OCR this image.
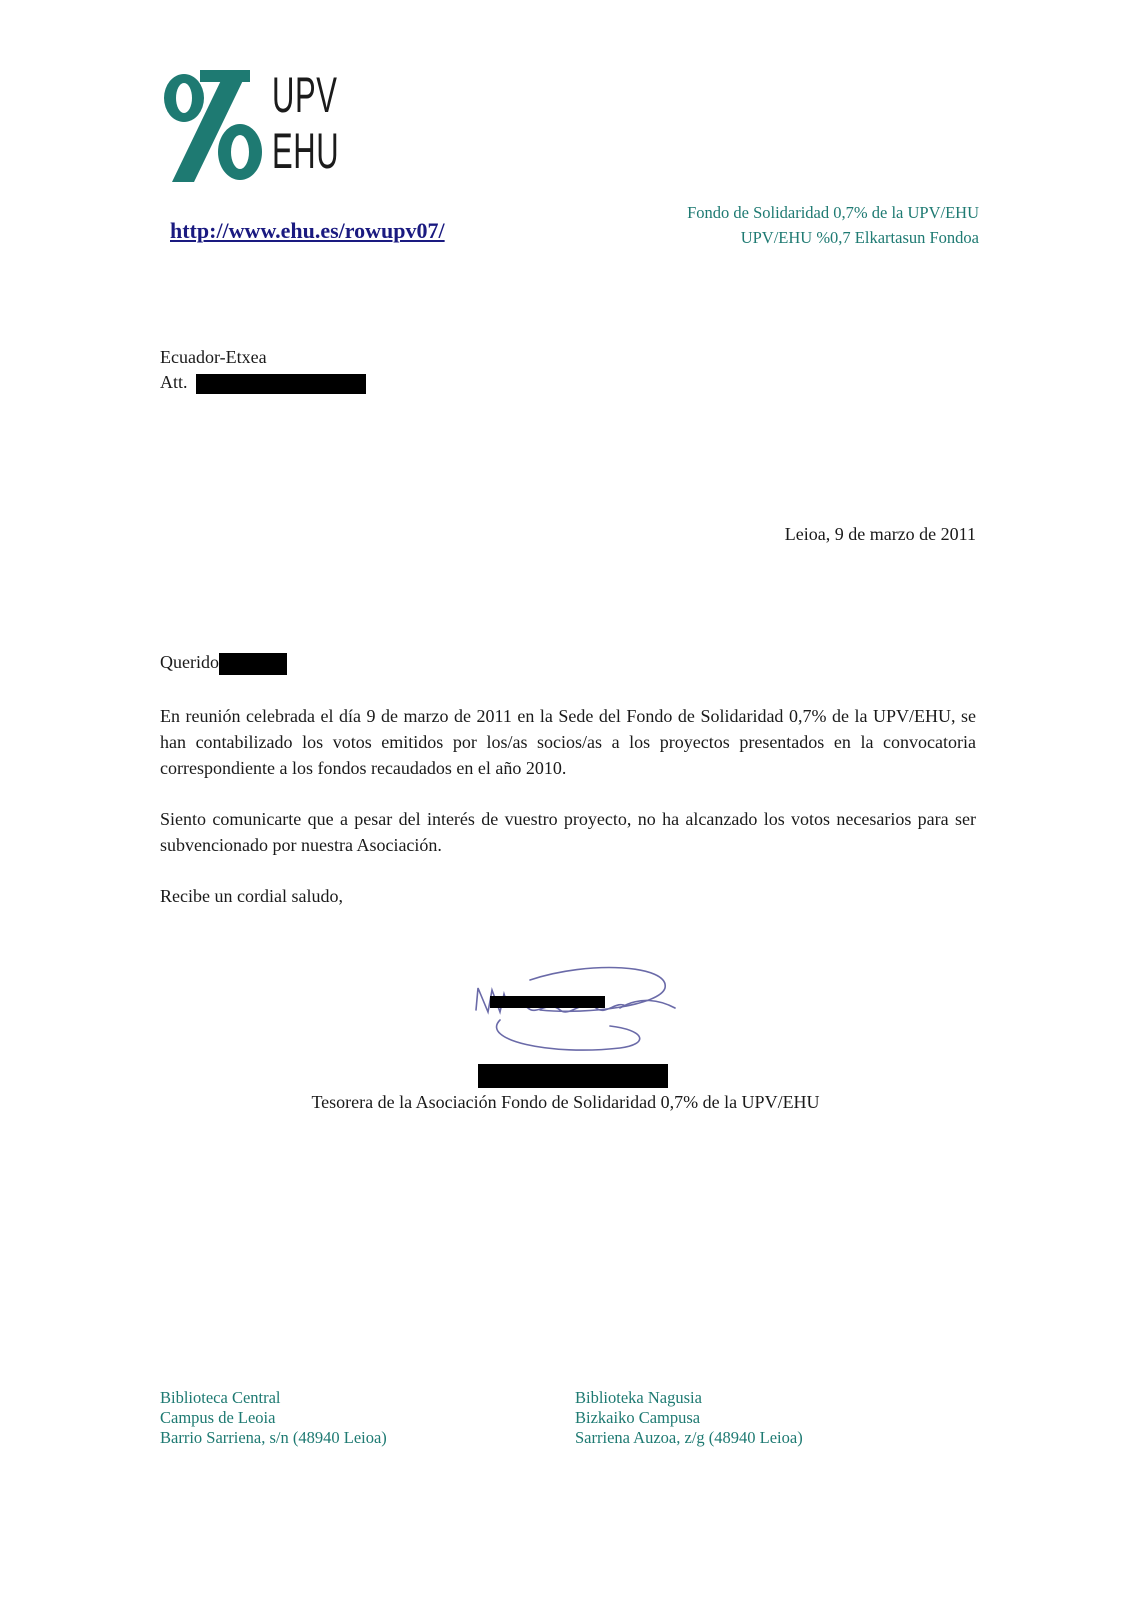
UPV
EHU
http://www.ehu.es/rowupv07/
Fondo de Solidaridad 0,7% de la UPV/EHU
UPV/EHU %0,7 Elkartasun Fondoa
Ecuador-Etxea
Att.
Leioa, 9 de marzo de 2011
Querido

En reunión celebrada el día 9 de marzo de 2011 en la Sede del Fondo de Solidaridad 0,7% de la UPV/EHU, se han contabilizado los votos emitidos por los/as socios/as a los proyectos presentados en la convocatoria correspondiente a los fondos recaudados en el año 2010.

Siento comunicarte que a pesar del interés de vuestro proyecto, no ha alcanzado los votos necesarios para ser subvencionado por nuestra Asociación.

Recibe un cordial saludo,

Tesorera de la Asociación Fondo de Solidaridad 0,7% de la UPV/EHU
Biblioteca Central
Campus de Leoia
Barrio Sarriena, s/n (48940 Leioa)
Biblioteka Nagusia
Bizkaiko Campusa
Sarriena Auzoa, z/g (48940 Leioa)
